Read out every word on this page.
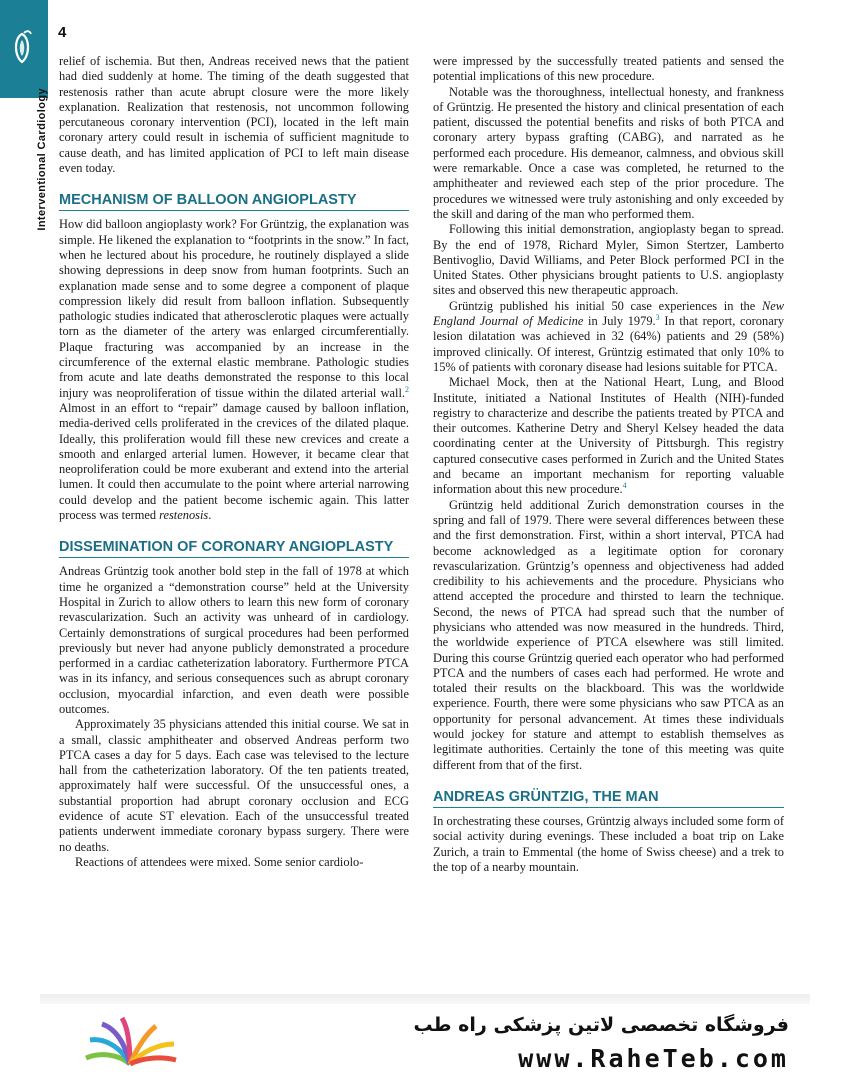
4
Interventional Cardiology

relief of ischemia. But then, Andreas received news that the patient had died suddenly at home. The timing of the death suggested that restenosis rather than acute abrupt closure were the more likely explanation. Realization that restenosis, not uncommon following percutaneous coronary intervention (PCI), located in the left main coronary artery could result in ischemia of sufficient magnitude to cause death, and has limited application of PCI to left main disease even today.

MECHANISM OF BALLOON ANGIOPLASTY

How did balloon angioplasty work? For Grüntzig, the explanation was simple. He likened the explanation to “footprints in the snow.” In fact, when he lectured about his procedure, he routinely displayed a slide showing depressions in deep snow from human footprints. Such an explanation made sense and to some degree a component of plaque compression likely did result from balloon inflation. Subsequently pathologic studies indicated that atherosclerotic plaques were actually torn as the diameter of the artery was enlarged circumferentially. Plaque fracturing was accompanied by an increase in the circumference of the external elastic membrane. Pathologic studies from acute and late deaths demonstrated the response to this local injury was neoproliferation of tissue within the dilated arterial wall.$^2$ Almost in an effort to “repair” damage caused by balloon inflation, media-derived cells proliferated in the crevices of the dilated plaque. Ideally, this proliferation would fill these new crevices and create a smooth and enlarged arterial lumen. However, it became clear that neoproliferation could be more exuberant and extend into the arterial lumen. It could then accumulate to the point where arterial narrowing could develop and the patient become ischemic again. This latter process was termed restenosis.

DISSEMINATION OF CORONARY ANGIOPLASTY

Andreas Grüntzig took another bold step in the fall of 1978 at which time he organized a “demonstration course” held at the University Hospital in Zurich to allow others to learn this new form of coronary revascularization. Such an activity was unheard of in cardiology. Certainly demonstrations of surgical procedures had been performed previously but never had anyone publicly demonstrated a procedure performed in a cardiac catheterization laboratory. Furthermore PTCA was in its infancy, and serious consequences such as abrupt coronary occlusion, myocardial infarction, and even death were possible outcomes.

Approximately 35 physicians attended this initial course. We sat in a small, classic amphitheater and observed Andreas perform two PTCA cases a day for 5 days. Each case was televised to the lecture hall from the catheterization laboratory. Of the ten patients treated, approximately half were successful. Of the unsuccessful ones, a substantial proportion had abrupt coronary occlusion and ECG evidence of acute ST elevation. Each of the unsuccessful treated patients underwent immediate coronary bypass surgery. There were no deaths.

Reactions of attendees were mixed. Some senior cardiolo-

were impressed by the successfully treated patients and sensed the potential implications of this new procedure.

Notable was the thoroughness, intellectual honesty, and frankness of Grüntzig. He presented the history and clinical presentation of each patient, discussed the potential benefits and risks of both PTCA and coronary artery bypass grafting (CABG), and narrated as he performed each procedure. His demeanor, calmness, and obvious skill were remarkable. Once a case was completed, he returned to the amphitheater and reviewed each step of the prior procedure. The procedures we witnessed were truly astonishing and only exceeded by the skill and daring of the man who performed them.

Following this initial demonstration, angioplasty began to spread. By the end of 1978, Richard Myler, Simon Stertzer, Lamberto Bentivoglio, David Williams, and Peter Block performed PCI in the United States. Other physicians brought patients to U.S. angioplasty sites and observed this new therapeutic approach.

Grüntzig published his initial 50 case experiences in the New England Journal of Medicine in July 1979.$^3$ In that report, coronary lesion dilatation was achieved in 32 (64%) patients and 29 (58%) improved clinically. Of interest, Grüntzig estimated that only 10% to 15% of patients with coronary disease had lesions suitable for PTCA.

Michael Mock, then at the National Heart, Lung, and Blood Institute, initiated a National Institutes of Health (NIH)-funded registry to characterize and describe the patients treated by PTCA and their outcomes. Katherine Detry and Sheryl Kelsey headed the data coordinating center at the University of Pittsburgh. This registry captured consecutive cases performed in Zurich and the United States and became an important mechanism for reporting valuable information about this new procedure.$^4$

Grüntzig held additional Zurich demonstration courses in the spring and fall of 1979. There were several differences between these and the first demonstration. First, within a short interval, PTCA had become acknowledged as a legitimate option for coronary revascularization. Grüntzig’s openness and objectiveness had added credibility to his achievements and the procedure. Physicians who attend accepted the procedure and thirsted to learn the technique. Second, the news of PTCA had spread such that the number of physicians who attended was now measured in the hundreds. Third, the worldwide experience of PTCA elsewhere was still limited. During this course Grüntzig queried each operator who had performed PTCA and the numbers of cases each had performed. He wrote and totaled their results on the blackboard. This was the worldwide experience. Fourth, there were some physicians who saw PTCA as an opportunity for personal advancement. At times these individuals would jockey for stature and attempt to establish themselves as legitimate authorities. Certainly the tone of this meeting was quite different from that of the first.

ANDREAS GRÜNTZIG, THE MAN

In orchestrating these courses, Grüntzig always included some form of social activity during evenings. These included a boat trip on Lake Zurich, a train to Emmental (the home of Swiss cheese) and a trek to the top of a nearby mountain.

فروشگاه تخصصی لاتین پزشکی راه طب
www.RaheTeb.com
